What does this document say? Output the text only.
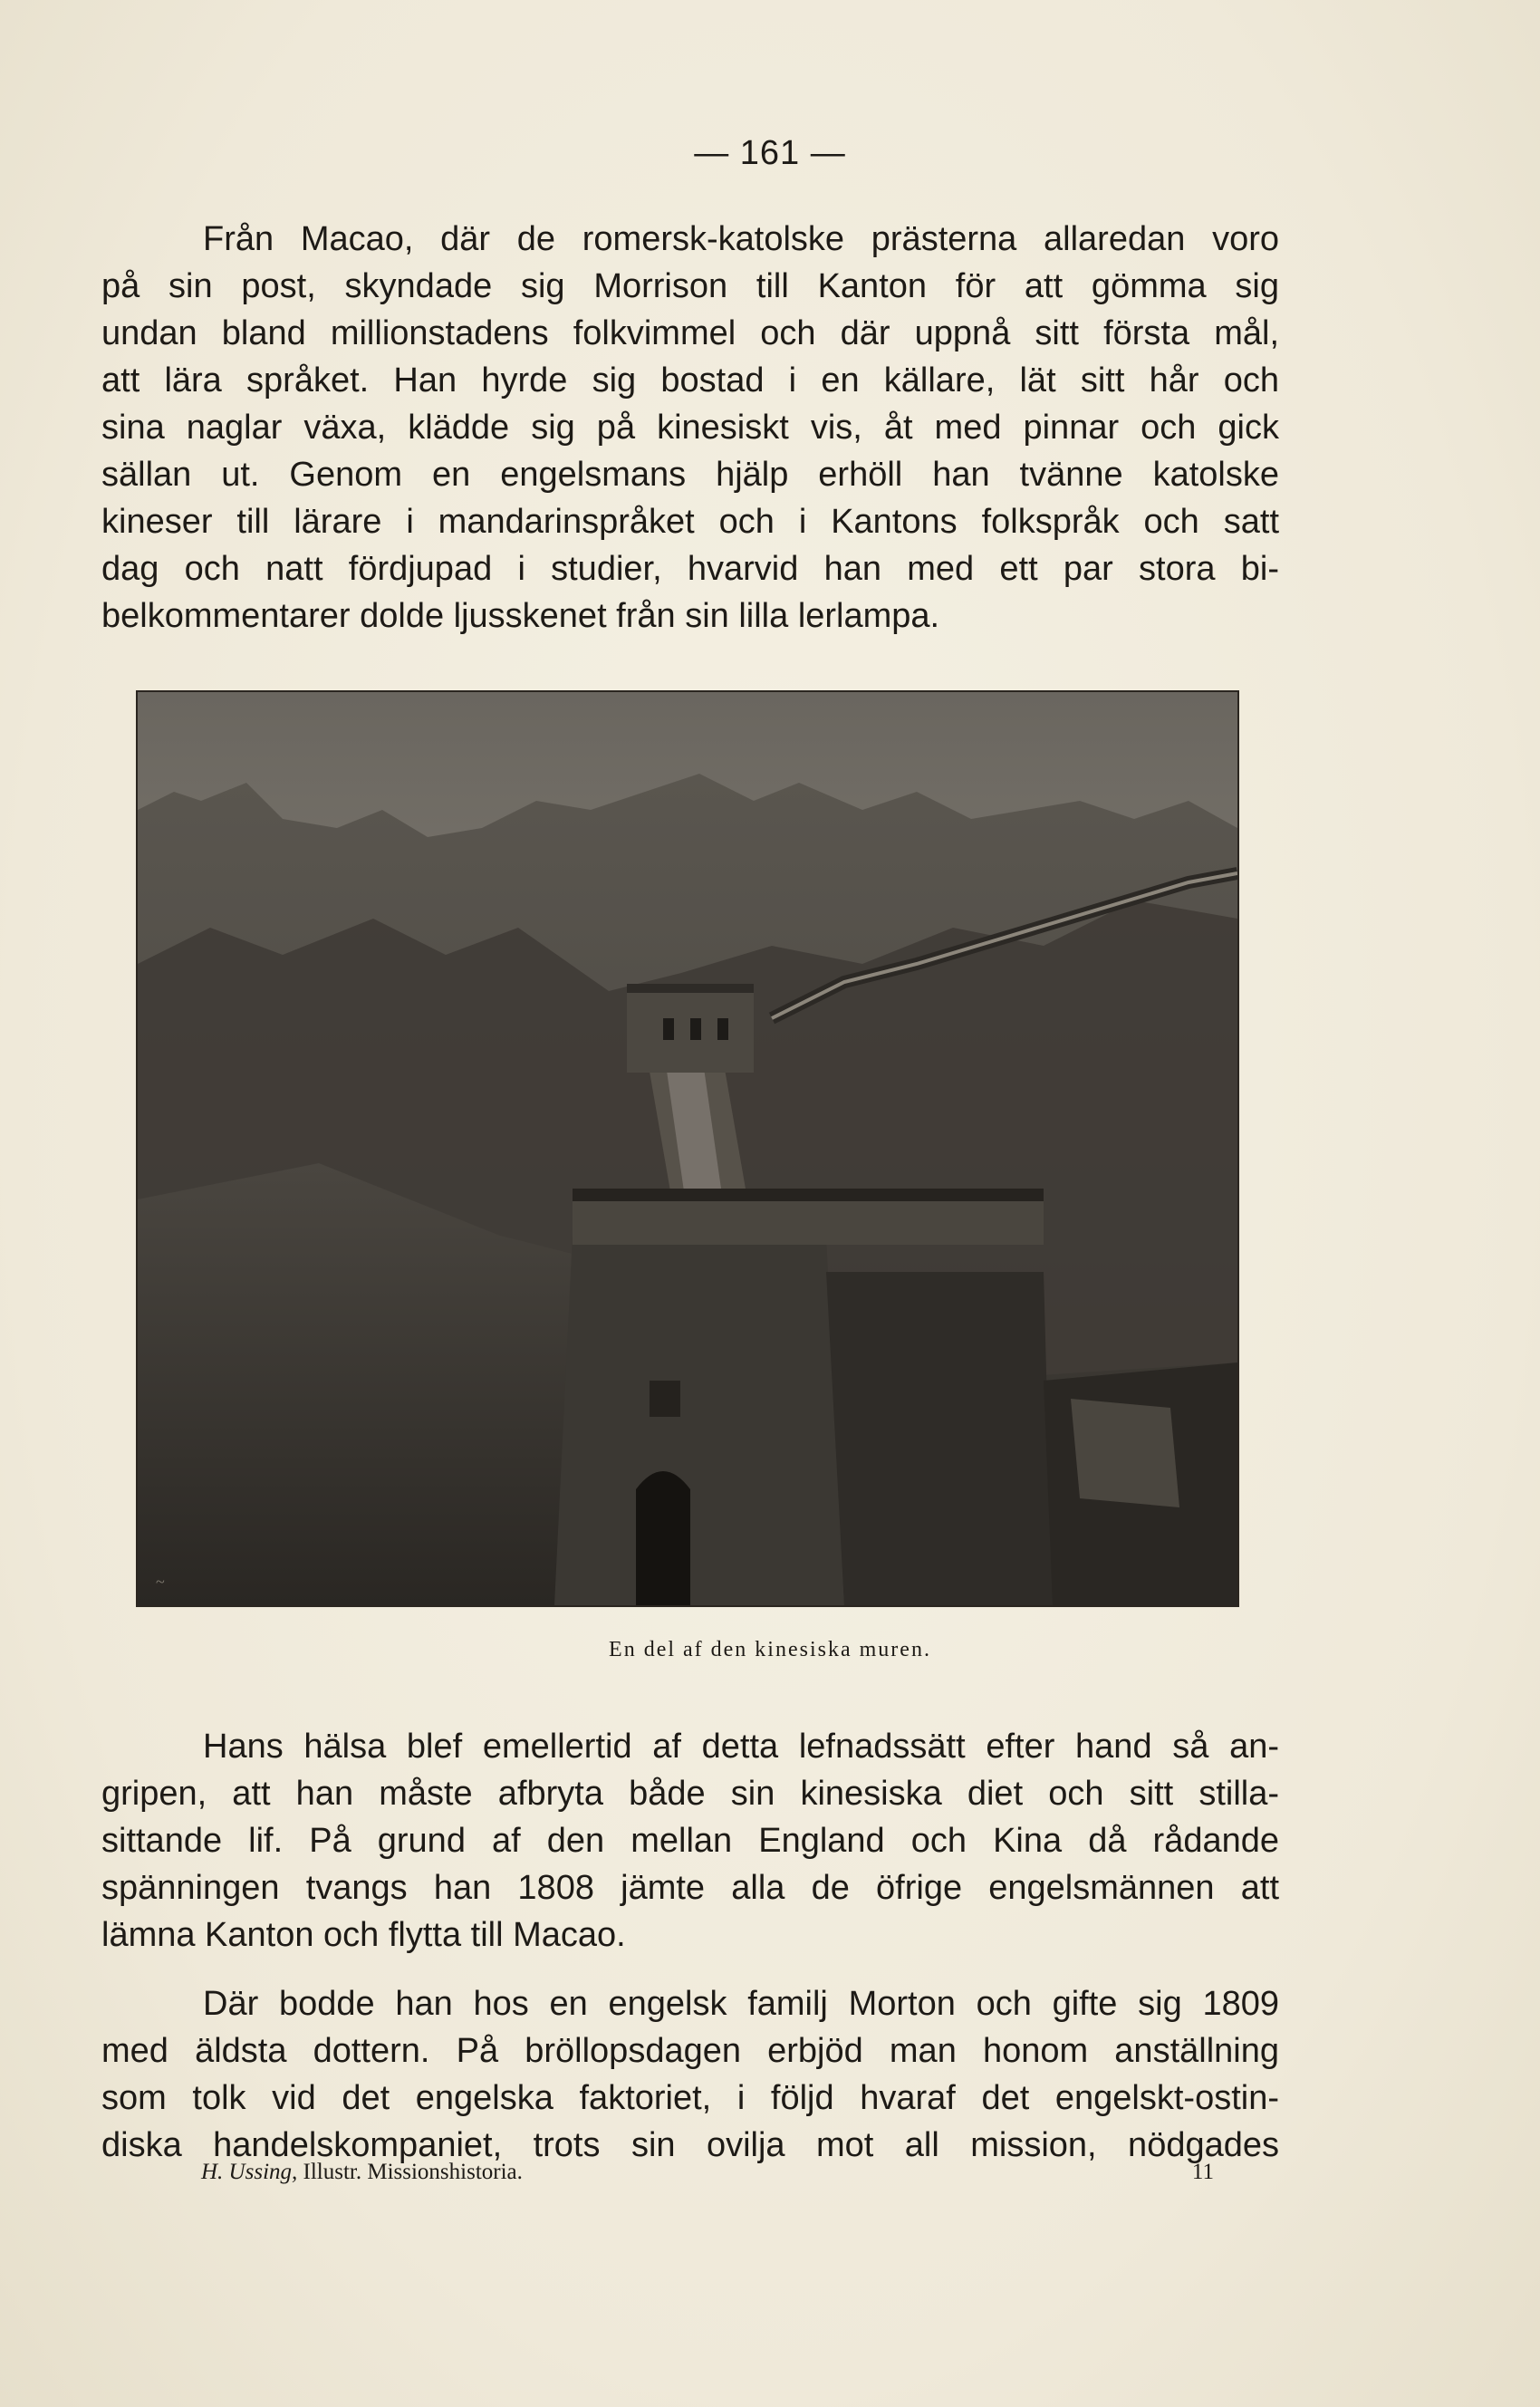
— 161 —
Från Macao, där de romersk-katolske prästerna allaredan voro
på sin post, skyndade sig Morrison till Kanton för att gömma sig
undan bland millionstadens folkvimmel och där uppnå sitt första mål,
att lära språket. Han hyrde sig bostad i en källare, lät sitt hår och
sina naglar växa, klädde sig på kinesiskt vis, åt med pinnar och gick
sällan ut. Genom en engelsmans hjälp erhöll han tvänne katolske
kineser till lärare i mandarinspråket och i Kantons folkspråk och satt
dag och natt fördjupad i studier, hvarvid han med ett par stora bi-
belkommentarer dolde ljusskenet från sin lilla lerlampa.
~
En del af den kinesiska muren.
Hans hälsa blef emellertid af detta lefnadssätt efter hand så an-
gripen, att han måste afbryta både sin kinesiska diet och sitt stilla-
sittande lif. På grund af den mellan England och Kina då rådande
spänningen tvangs han 1808 jämte alla de öfrige engelsmännen att
lämna Kanton och flytta till Macao.
Där bodde han hos en engelsk familj Morton och gifte sig 1809
med äldsta dottern. På bröllopsdagen erbjöd man honom anställning
som tolk vid det engelska faktoriet, i följd hvaraf det engelskt-ostin-
diska handelskompaniet, trots sin ovilja mot all mission, nödgades
H. Ussing, Illustr. Missionshistoria.	11
